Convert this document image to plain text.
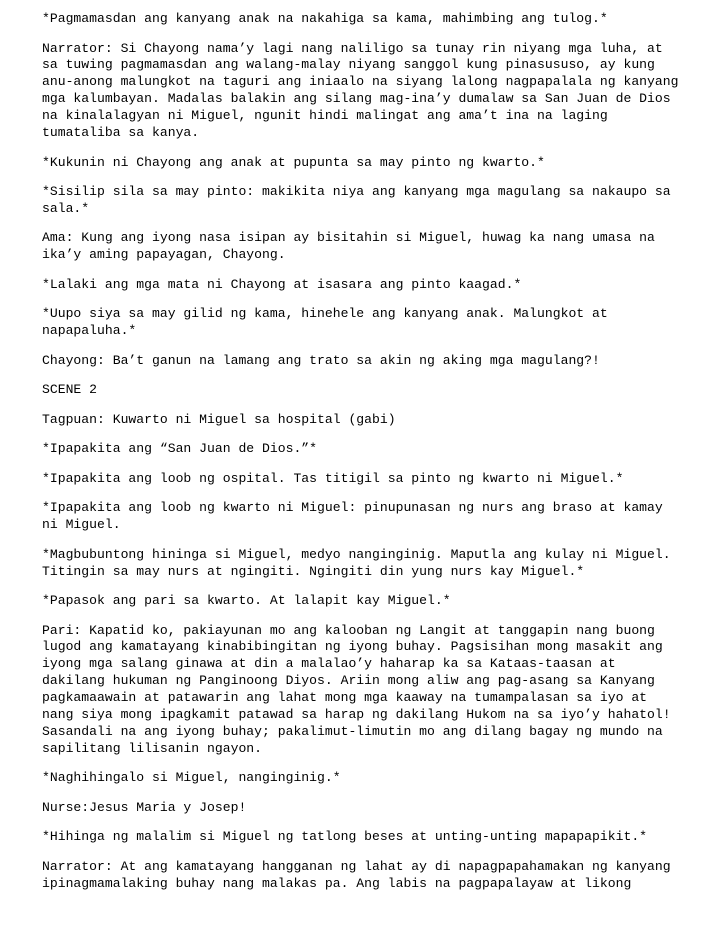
*Pagmamasdan ang kanyang anak na nakahiga sa kama, mahimbing ang tulog.*

Narrator: Si Chayong nama’y lagi nang naliligo sa tunay rin niyang mga luha, at
sa tuwing pagmamasdan ang walang-malay niyang sanggol kung pinasususo, ay kung
anu-anong malungkot na taguri ang iniaalo na siyang lalong nagpapalala ng kanyang
mga kalumbayan. Madalas balakin ang silang mag-ina’y dumalaw sa San Juan de Dios
na kinalalagyan ni Miguel, ngunit hindi malingat ang ama’t ina na laging
tumataliba sa kanya.

*Kukunin ni Chayong ang anak at pupunta sa may pinto ng kwarto.*

*Sisilip sila sa may pinto: makikita niya ang kanyang mga magulang sa nakaupo sa
sala.*

Ama: Kung ang iyong nasa isipan ay bisitahin si Miguel, huwag ka nang umasa na
ika’y aming papayagan, Chayong.

*Lalaki ang mga mata ni Chayong at isasara ang pinto kaagad.*

*Uupo siya sa may gilid ng kama, hinehele ang kanyang anak. Malungkot at
napapaluha.*

Chayong: Ba’t ganun na lamang ang trato sa akin ng aking mga magulang?!

SCENE 2

Tagpuan: Kuwarto ni Miguel sa hospital (gabi)

*Ipapakita ang “San Juan de Dios.”*

*Ipapakita ang loob ng ospital. Tas titigil sa pinto ng kwarto ni Miguel.*

*Ipapakita ang loob ng kwarto ni Miguel: pinupunasan ng nurs ang braso at kamay
ni Miguel.

*Magbubuntong hininga si Miguel, medyo nanginginig. Maputla ang kulay ni Miguel.
Titingin sa may nurs at ngingiti. Ngingiti din yung nurs kay Miguel.*

*Papasok ang pari sa kwarto. At lalapit kay Miguel.*

Pari: Kapatid ko, pakiayunan mo ang kalooban ng Langit at tanggapin nang buong
lugod ang kamatayang kinabibingitan ng iyong buhay. Pagsisihan mong masakit ang
iyong mga salang ginawa at din a malalao’y haharap ka sa Kataas-taasan at
dakilang hukuman ng Panginoong Diyos. Ariin mong aliw ang pag-asang sa Kanyang
pagkamaawain at patawarin ang lahat mong mga kaaway na tumampalasan sa iyo at
nang siya mong ipagkamit patawad sa harap ng dakilang Hukom na sa iyo’y hahatol!
Sasandali na ang iyong buhay; pakalimut-limutin mo ang dilang bagay ng mundo na
sapilitang lilisanin ngayon.

*Naghihingalo si Miguel, nanginginig.*

Nurse:Jesus Maria y Josep!

*Hihinga ng malalim si Miguel ng tatlong beses at unting-unting mapapapikit.*

Narrator: At ang kamatayang hangganan ng lahat ay di napagpapahamakan ng kanyang
ipinagmamalaking buhay nang malakas pa. Ang labis na pagpapalayaw at likong
